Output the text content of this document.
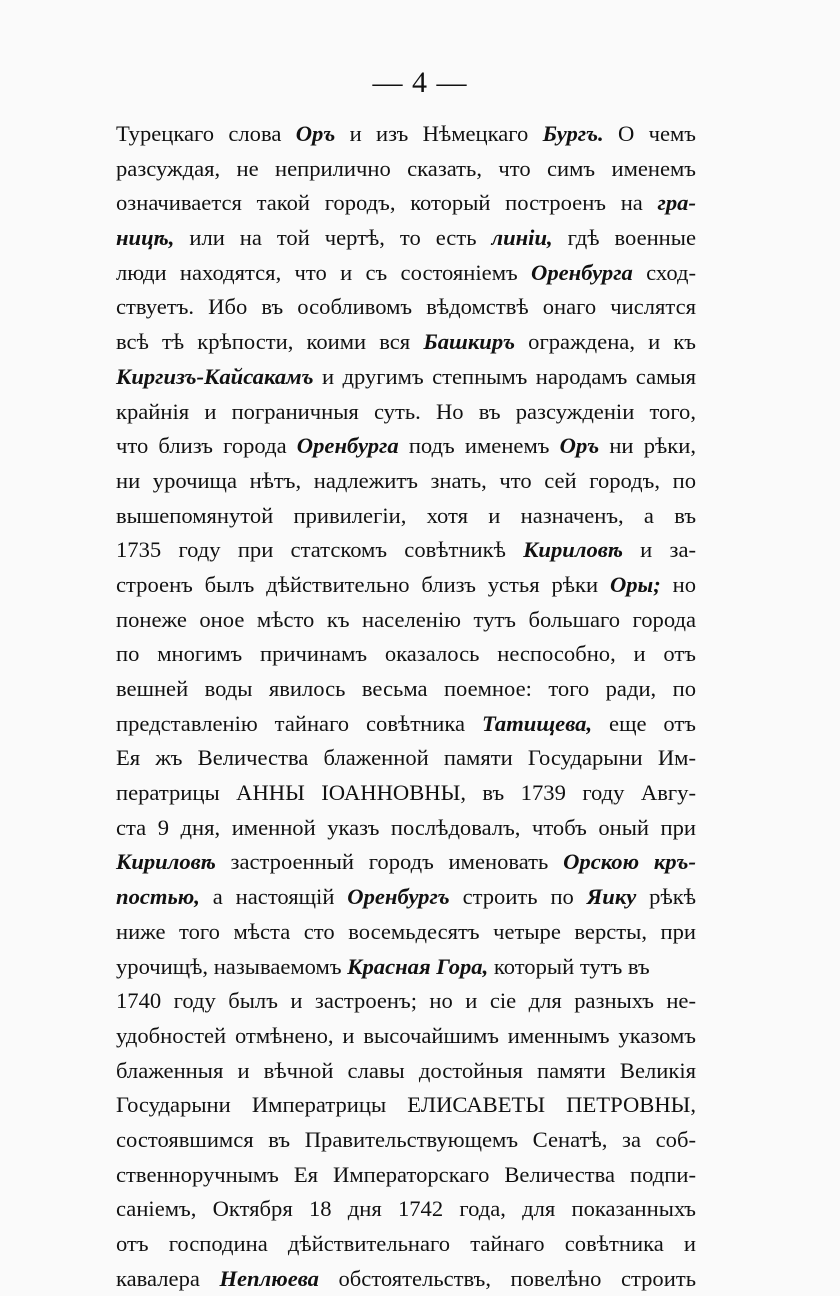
— 4 —
Турецкаго слова Оръ и изъ Нѣмецкаго Бургъ. О чемъ
разсуждая, не неприлично сказать, что симъ именемъ
означивается такой городъ, который построенъ на гра-
ницѣ, или на той чертѣ, то есть линіи, гдѣ военные
люди находятся, что и съ состояніемъ Оренбурга сход-
ствуетъ. Ибо въ особливомъ вѣдомствѣ онаго числятся
всѣ тѣ крѣпости, коими вся Башкиръ ограждена, и къ
Киргизъ-Кайсакамъ и другимъ степнымъ народамъ самыя
крайнія и пограничныя суть. Но въ разсужденіи того,
что близъ города Оренбурга подъ именемъ Оръ ни рѣки,
ни урочища нѣтъ, надлежитъ знать, что сей городъ, по
вышепомянутой привилегіи, хотя и назначенъ, а въ
1735 году при статскомъ совѣтникѣ Кириловѣ и за-
строенъ былъ дѣйствительно близъ устья рѣки Оры; но
понеже оное мѣсто къ населенію тутъ большаго города
по многимъ причинамъ оказалось неспособно, и отъ
вешней воды явилось весьма поемное: того ради, по
представленію тайнаго совѣтника Татищева, еще отъ
Ея жъ Величества блаженной памяти Государыни Им-
ператрицы АННЫ ІОАННОВНЫ, въ 1739 году Авгу-
ста 9 дня, именной указъ послѣдовалъ, чтобъ оный при
Кириловѣ застроенный городъ именовать Орскою кръ-
постью, а настоящій Оренбургъ строить по Яику рѣкѣ
ниже того мѣста сто восемьдесятъ четыре версты, при
урочищѣ, называемомъ Красная Гора, который тутъ въ
1740 году былъ и застроенъ; но и сіе для разныхъ не-
удобностей отмѣнено, и высочайшимъ именнымъ указомъ
блаженныя и вѣчной славы достойныя памяти Великія
Государыни Императрицы ЕЛИСАВЕТЫ ПЕТРОВНЫ,
состоявшимся въ Правительствующемъ Сенатѣ, за соб-
ственноручнымъ Ея Императорскаго Величества подпи-
саніемъ, Октября 18 дня 1742 года, для показанныхъ
отъ господина дѣйствительнаго тайнаго совѣтника и
кавалера Неплюева обстоятельствъ, повелѣно строить
